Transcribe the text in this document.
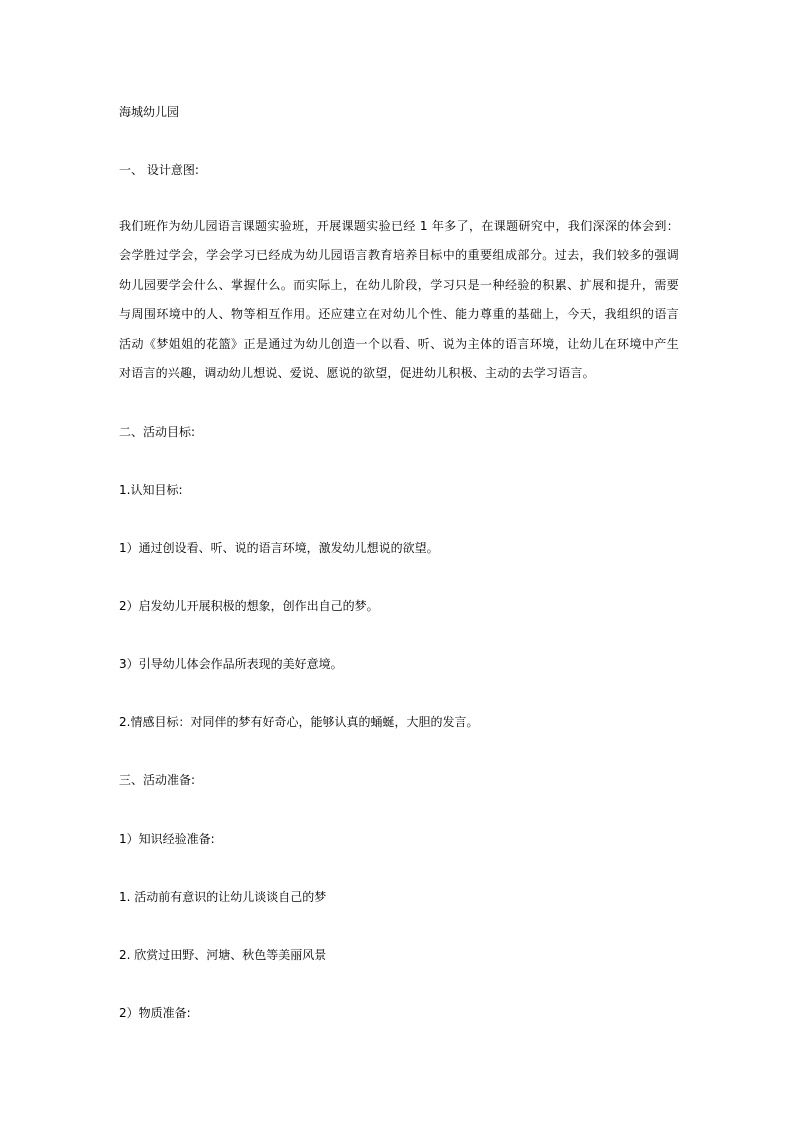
海城幼儿园
一、 设计意图:
我们班作为幼儿园语言课题实验班，开展课题实验已经 1 年多了，在课题研究中，我们深深的体会到：会学胜过学会，学会学习已经成为幼儿园语言教育培养目标中的重要组成部分。过去，我们较多的强调幼儿园要学会什么、掌握什么。而实际上，在幼儿阶段，学习只是一种经验的积累、扩展和提升，需要与周围环境中的人、物等相互作用。还应建立在对幼儿个性、能力尊重的基础上，今天，我组织的语言活动《梦姐姐的花篮》正是通过为幼儿创造一个以看、听、说为主体的语言环境，让幼儿在环境中产生对语言的兴趣，调动幼儿想说、爱说、愿说的欲望，促进幼儿积极、主动的去学习语言。
二、活动目标:
1.认知目标:
1）通过创设看、听、说的语言环境，激发幼儿想说的欲望。
2）启发幼儿开展积极的想象，创作出自己的梦。
3）引导幼儿体会作品所表现的美好意境。
2.情感目标：对同伴的梦有好奇心，能够认真的蛹蜒，大胆的发言。
三、活动准备:
1）知识经验准备:
1. 活动前有意识的让幼儿谈谈自己的梦
2. 欣赏过田野、河塘、秋色等美丽风景
2）物质准备:
